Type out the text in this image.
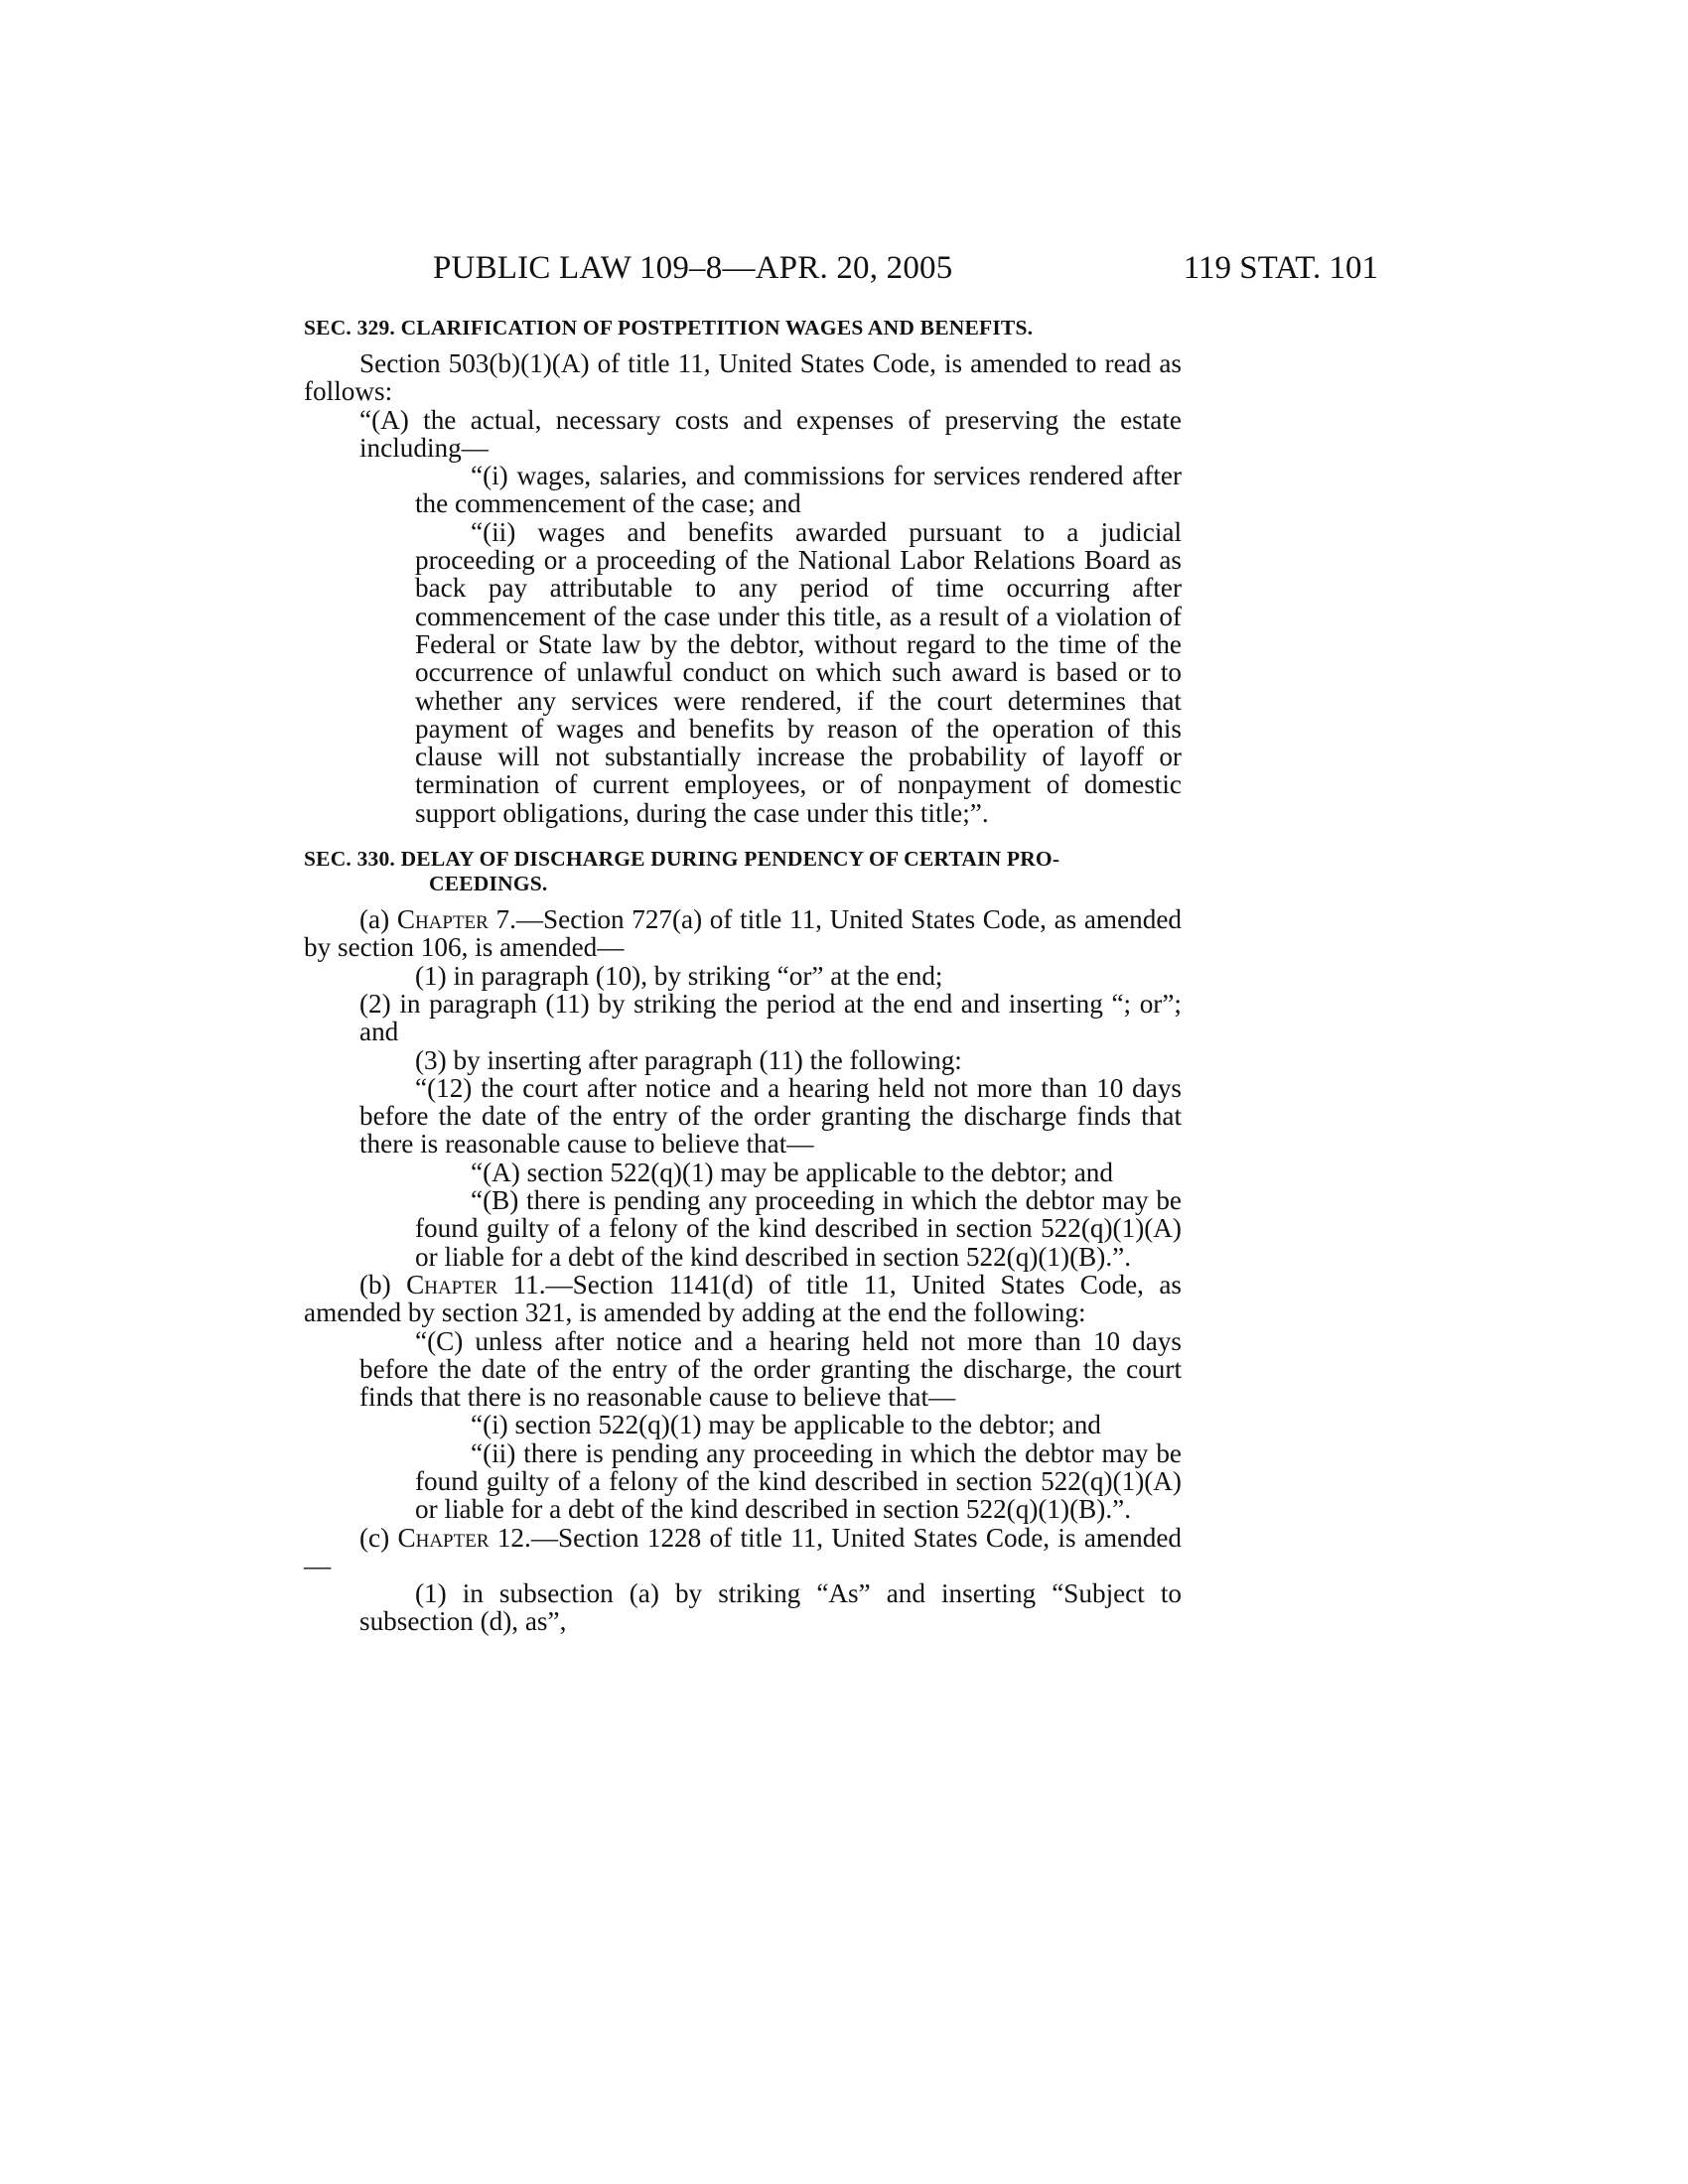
PUBLIC LAW 109–8—APR. 20, 2005	119 STAT. 101
SEC. 329. CLARIFICATION OF POSTPETITION WAGES AND BENEFITS.

Section 503(b)(1)(A) of title 11, United States Code, is amended to read as follows:

“(A) the actual, necessary costs and expenses of preserving the estate including—

“(i) wages, salaries, and commissions for services rendered after the commencement of the case; and

“(ii) wages and benefits awarded pursuant to a judicial proceeding or a proceeding of the National Labor Relations Board as back pay attributable to any period of time occurring after commencement of the case under this title, as a result of a violation of Federal or State law by the debtor, without regard to the time of the occurrence of unlawful conduct on which such award is based or to whether any services were rendered, if the court determines that payment of wages and benefits by reason of the operation of this clause will not substantially increase the probability of layoff or termination of current employees, or of nonpayment of domestic support obligations, during the case under this title;”.

SEC. 330. DELAY OF DISCHARGE DURING PENDENCY OF CERTAIN PRO-
CEEDINGS.

(a) Chapter 7.—Section 727(a) of title 11, United States Code, as amended by section 106, is amended—

(1) in paragraph (10), by striking “or” at the end;

(2) in paragraph (11) by striking the period at the end and inserting “; or”; and

(3) by inserting after paragraph (11) the following:

“(12) the court after notice and a hearing held not more than 10 days before the date of the entry of the order granting the discharge finds that there is reasonable cause to believe that—

“(A) section 522(q)(1) may be applicable to the debtor; and

“(B) there is pending any proceeding in which the debtor may be found guilty of a felony of the kind described in section 522(q)(1)(A) or liable for a debt of the kind described in section 522(q)(1)(B).”.

(b) Chapter 11.—Section 1141(d) of title 11, United States Code, as amended by section 321, is amended by adding at the end the following:

“(C) unless after notice and a hearing held not more than 10 days before the date of the entry of the order granting the discharge, the court finds that there is no reasonable cause to believe that—

“(i) section 522(q)(1) may be applicable to the debtor; and

“(ii) there is pending any proceeding in which the debtor may be found guilty of a felony of the kind described in section 522(q)(1)(A) or liable for a debt of the kind described in section 522(q)(1)(B).”.

(c) Chapter 12.—Section 1228 of title 11, United States Code, is amended—

(1) in subsection (a) by striking “As” and inserting “Subject to subsection (d), as”,
